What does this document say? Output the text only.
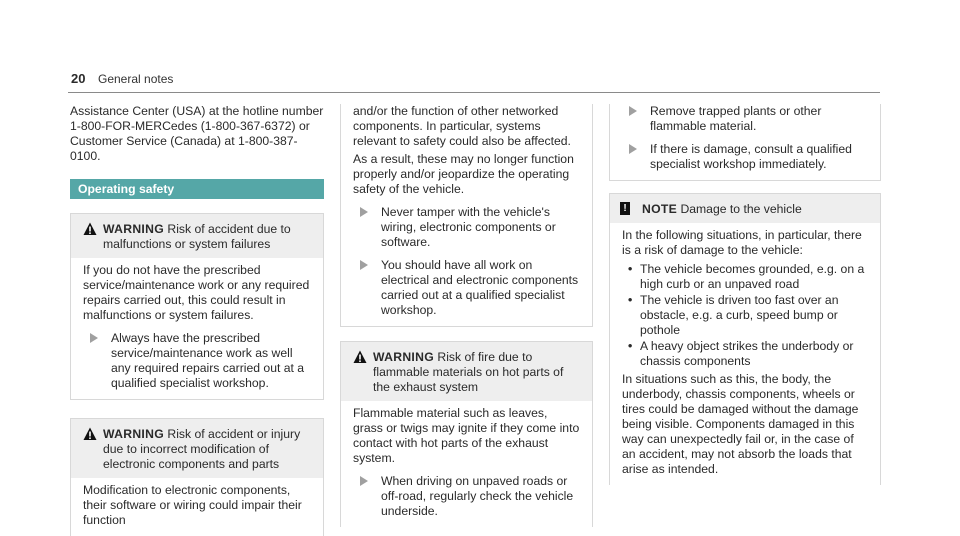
20 General notes

Assistance Center (USA) at the hotline number 1-800-FOR-MERCedes (1-800-367-6372) or Customer Service (Canada) at 1-800-387-0100.

Operating safety
WARNING Risk of accident due to malfunctions or system failures

If you do not have the prescribed service/maintenance work or any required repairs carried out, this could result in malfunctions or system failures.

Always have the prescribed service/maintenance work as well any required repairs carried out at a qualified specialist workshop.
WARNING Risk of accident or injury due to incorrect modification of electronic components and parts

Modification to electronic components, their software or wiring could impair their function

and/or the function of other networked components. In particular, systems relevant to safety could also be affected.

As a result, these may no longer function properly and/or jeopardize the operating safety of the vehicle.

Never tamper with the vehicle's wiring, electronic components or software.
You should have all work on electrical and electronic components carried out at a qualified specialist workshop.
WARNING Risk of fire due to flammable materials on hot parts of the exhaust system

Flammable material such as leaves, grass or twigs may ignite if they come into contact with hot parts of the exhaust system.

When driving on unpaved roads or off-road, regularly check the vehicle underside.
Remove trapped plants or other flammable material.
If there is damage, consult a qualified specialist workshop immediately.
!	NOTE Damage to the vehicle

In the following situations, in particular, there is a risk of damage to the vehicle:

• The vehicle becomes grounded, e.g. on a high curb or an unpaved road
• The vehicle is driven too fast over an obstacle, e.g. a curb, speed bump or pothole
• A heavy object strikes the underbody or chassis components

In situations such as this, the body, the underbody, chassis components, wheels or tires could be damaged without the damage being visible. Components damaged in this way can unexpectedly fail or, in the case of an accident, may not absorb the loads that arise as intended.
